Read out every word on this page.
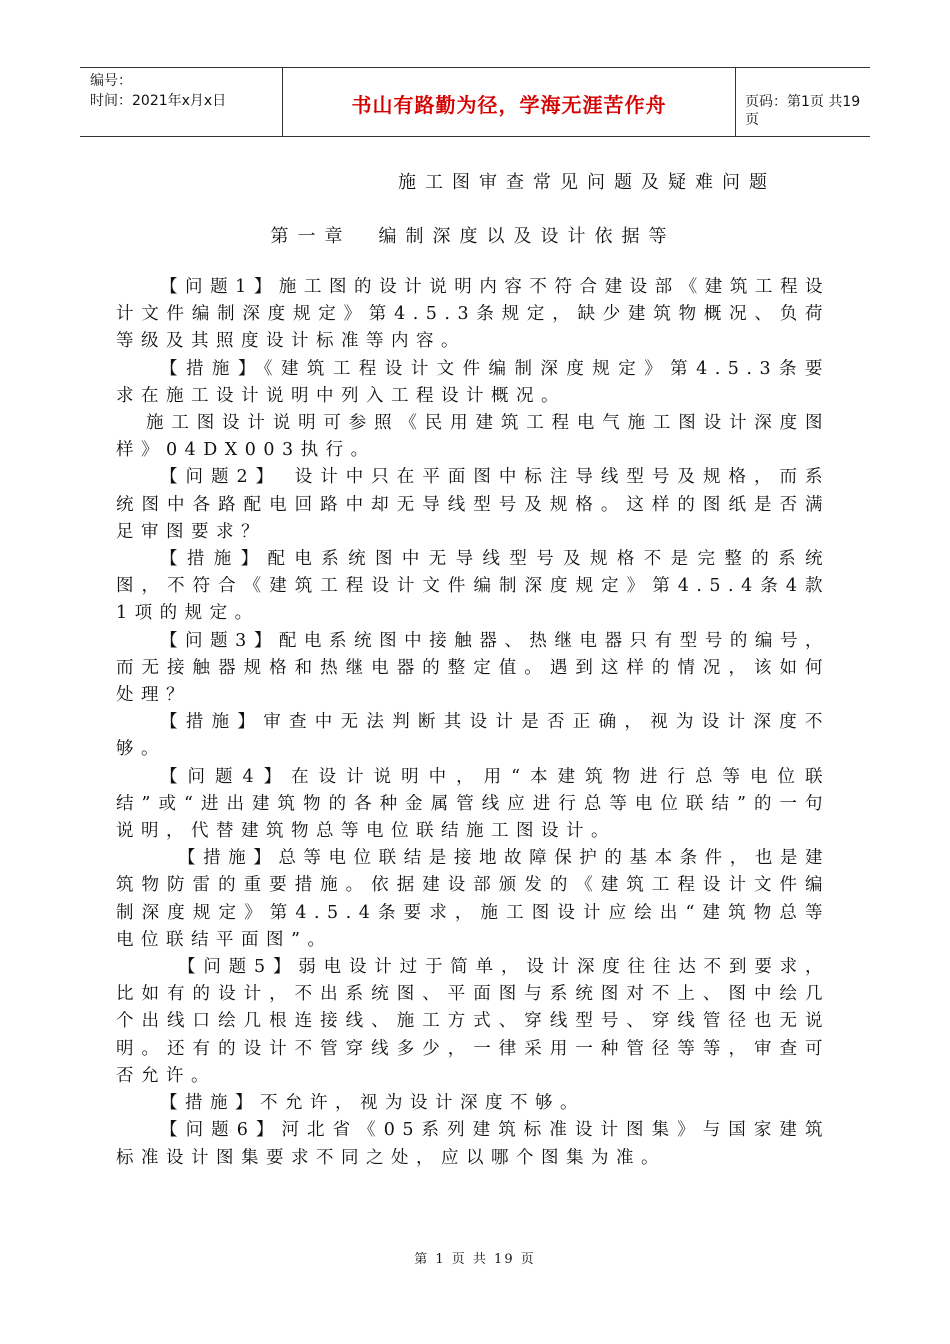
编号：
时间：2021年x月x日	书山有路勤为径，学海无涯苦作舟	页码：第1页 共19页
施工图审查常见问题及疑难问题
第一章　编制深度以及设计依据等

【问题1】施工图的设计说明内容不符合建设部《建筑工程设计文件编制深度规定》第4.5.3条规定，缺少建筑物概况、负荷等级及其照度设计标准等内容。

【措施】《建筑工程设计文件编制深度规定》第4.5.3条要求在施工设计说明中列入工程设计概况。

施工图设计说明可参照《民用建筑工程电气施工图设计深度图样》04DX003执行。

【问题2】 设计中只在平面图中标注导线型号及规格，而系统图中各路配电回路中却无导线型号及规格。这样的图纸是否满足审图要求？

【措施】配电系统图中无导线型号及规格不是完整的系统图，不符合《建筑工程设计文件编制深度规定》第4.5.4条4款1项的规定。

【问题3】配电系统图中接触器、热继电器只有型号的编号，而无接触器规格和热继电器的整定值。遇到这样的情况，该如何处理？

【措施】审查中无法判断其设计是否正确，视为设计深度不够。

【问题4】在设计说明中，用“本建筑物进行总等电位联结”或“进出建筑物的各种金属管线应进行总等电位联结”的一句说明，代替建筑物总等电位联结施工图设计。

【措施】总等电位联结是接地故障保护的基本条件，也是建筑物防雷的重要措施。依据建设部颁发的《建筑工程设计文件编制深度规定》第4.5.4条要求，施工图设计应绘出“建筑物总等电位联结平面图”。

【问题5】弱电设计过于简单，设计深度往往达不到要求，比如有的设计，不出系统图、平面图与系统图对不上、图中绘几个出线口绘几根连接线、施工方式、穿线型号、穿线管径也无说明。还有的设计不管穿线多少，一律采用一种管径等等，审查可否允许。

【措施】不允许，视为设计深度不够。

【问题6】河北省《05系列建筑标准设计图集》与国家建筑标准设计图集要求不同之处，应以哪个图集为准。

第 1 页 共 19 页
